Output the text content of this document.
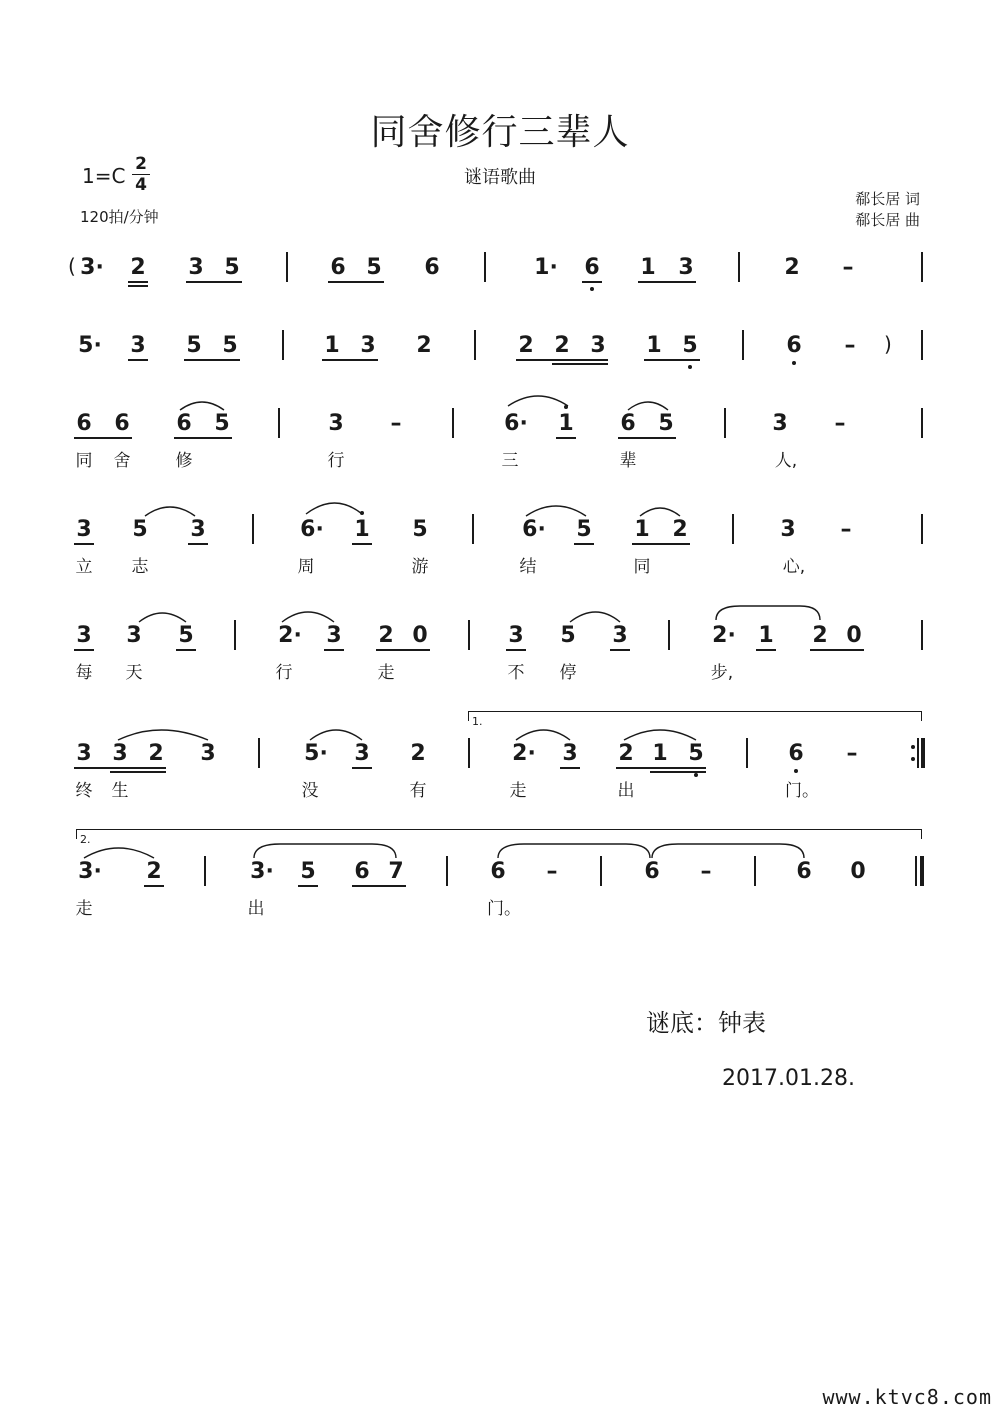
同舍修行三辈人
谜语歌曲
1=C 2
4
120拍/分钟
郗长居 词
郗长居 曲
( 3· 2 3 5	6 5 6	1· 6 1 3	2 –
5· 3 5 5	1 3 2	2 2 3 1 5	6 – )
6 6 6 5	3 –	6· 1 6 5	3 –
同 舍	修	行	三	辈	人,
3 5 3	6· 1 5	6· 5 1 2	3 –
立 志	周	游	结	同	心,
3 3 5	2· 3 2 0	3 5 3	2· 1 2 0
每 天	行	走	不 停	步,
1.
3 3 2 3	5· 3 2	2· 3 2 1 5	6 –
终 生	没	有	走	出	门。
2.
3· 2	3· 5 6 7	6 –	6 –	6 0
走	出	门。
谜底：钟表
2017.01.28.
www.ktvc8.com
